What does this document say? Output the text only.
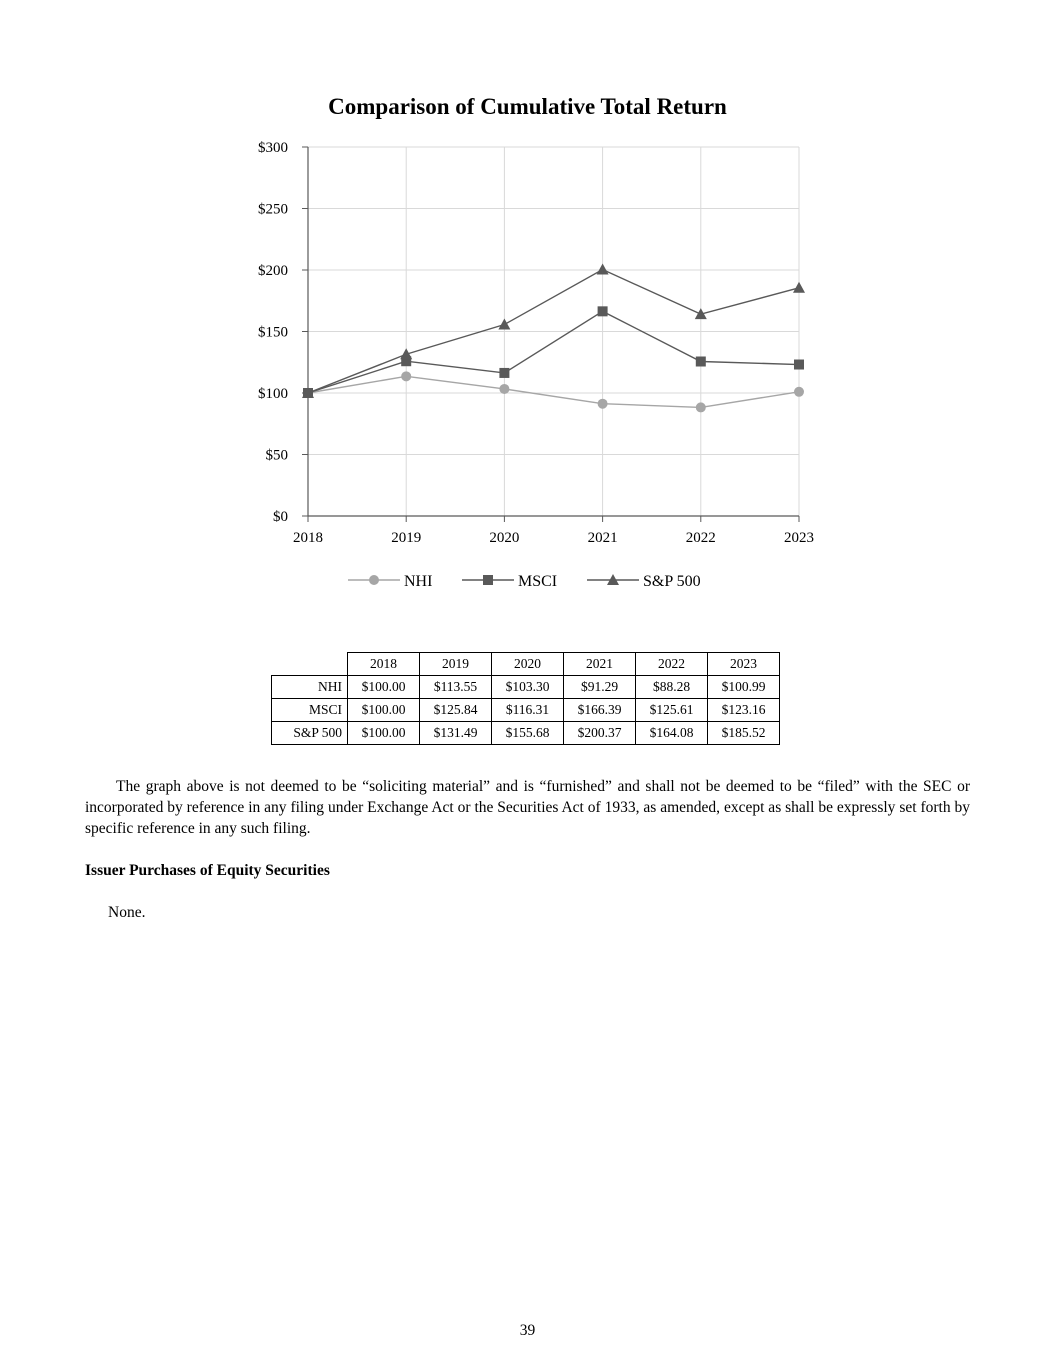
Comparison of Cumulative Total Return
$0
$50
$100
$150
$200
$250
$300
2018	2019	2020	2021	2022	2023
NHI	MSCI	S&P 500
	2018	2019	2020	2021	2022	2023
NHI	$100.00	$113.55	$103.30	$91.29	$88.28	$100.99
MSCI	$100.00	$125.84	$116.31	$166.39	$125.61	$123.16
S&P 500	$100.00	$131.49	$155.68	$200.37	$164.08	$185.52

The graph above is not deemed to be “soliciting material” and is “furnished” and shall not be deemed to be “filed” with the SEC or incorporated by reference in any filing under Exchange Act or the Securities Act of 1933, as amended, except as shall be expressly set forth by specific reference in any such filing.

Issuer Purchases of Equity Securities

None.

39
